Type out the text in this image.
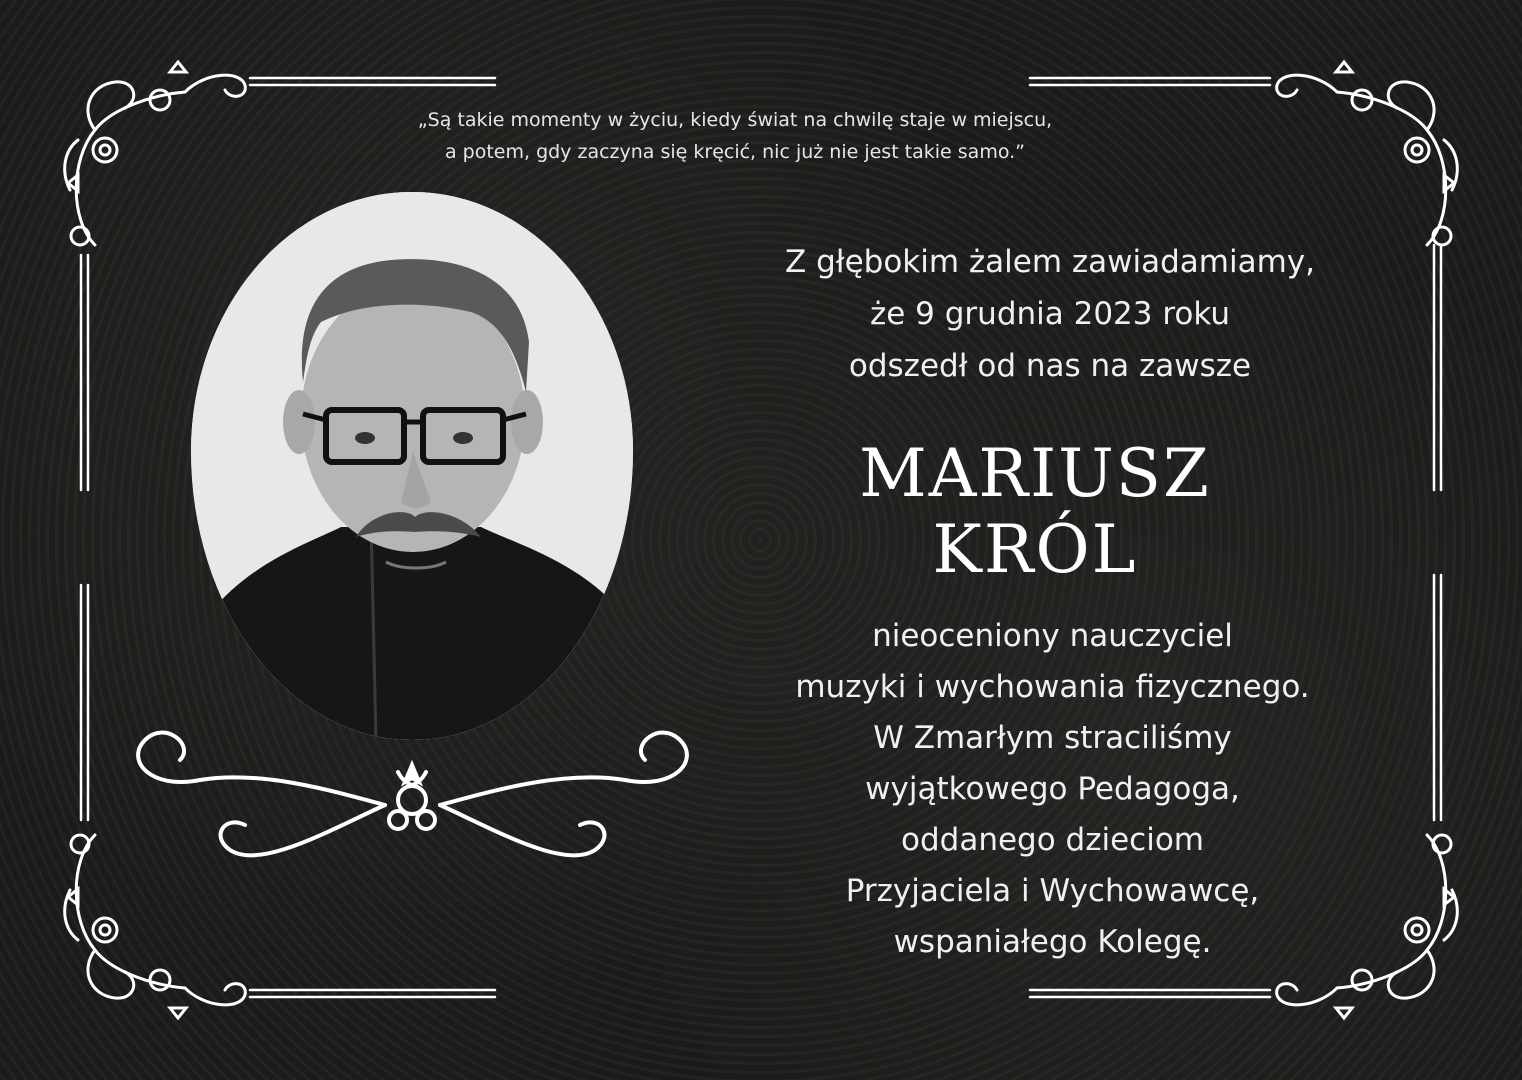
„Są takie momenty w życiu, kiedy świat na chwilę staje w miejscu,
a potem, gdy zaczyna się kręcić, nic już nie jest takie samo.”
Z głębokim żalem zawiadamiamy,
że 9 grudnia 2023 roku
odszedł od nas na zawsze
MARIUSZ
KRÓL
nieoceniony nauczyciel
muzyki i wychowania fizycznego.
W Zmarłym straciliśmy
wyjątkowego Pedagoga,
oddanego dzieciom
Przyjaciela i Wychowawcę,
wspaniałego Kolegę.
